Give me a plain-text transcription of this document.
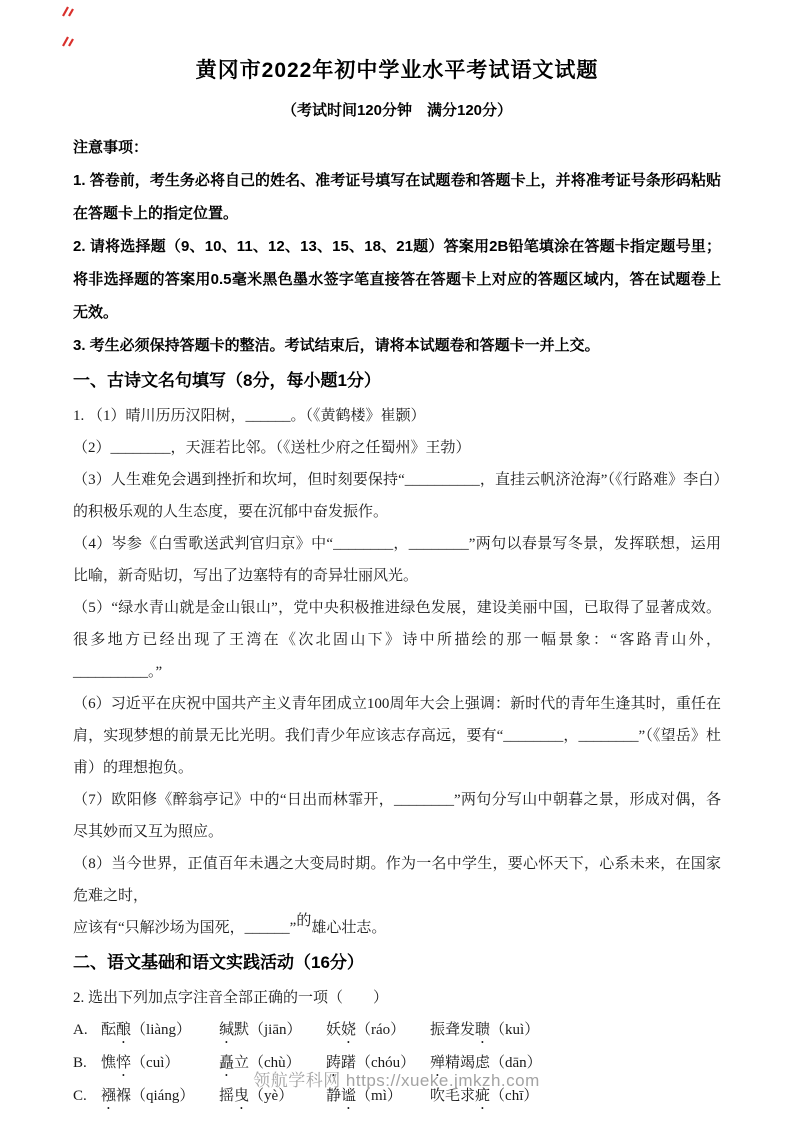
黄冈市2022年初中学业水平考试语文试题

（考试时间120分钟　满分120分）

注意事项：

1. 答卷前，考生务必将自己的姓名、准考证号填写在试题卷和答题卡上，并将准考证号条形码粘贴在答题卡上的指定位置。

2. 请将选择题（9、10、11、12、13、15、18、21题）答案用2B铅笔填涂在答题卡指定题号里；将非选择题的答案用0.5毫米黑色墨水签字笔直接答在答题卡上对应的答题区域内，答在试题卷上无效。

3. 考生必须保持答题卡的整洁。考试结束后，请将本试题卷和答题卡一并上交。

一、古诗文名句填写（8分，每小题1分）

1. （1）晴川历历汉阳树，______。（《黄鹤楼》崔颢）

（2）________，天涯若比邻。（《送杜少府之任蜀州》王勃）

（3）人生难免会遇到挫折和坎坷，但时刻要保持“__________，直挂云帆济沧海”（《行路难》李白）的积极乐观的人生态度，要在沉郁中奋发振作。

（4）岑参《白雪歌送武判官归京》中“________，________”两句以春景写冬景，发挥联想，运用比喻，新奇贴切，写出了边塞特有的奇异壮丽风光。

（5）“绿水青山就是金山银山”，党中央积极推进绿色发展，建设美丽中国，已取得了显著成效。很多地方已经出现了王湾在《次北固山下》诗中所描绘的那一幅景象：“客路青山外，__________。”

（6）习近平在庆祝中国共产主义青年团成立100周年大会上强调：新时代的青年生逢其时，重任在肩，实现梦想的前景无比光明。我们青少年应该志存高远，要有“________，________”（《望岳》杜甫）的理想抱负。

（7）欧阳修《醉翁亭记》中的“日出而林霏开，________”两句分写山中朝暮之景，形成对偶，各尽其妙而又互为照应。

（8）当今世界，正值百年未遇之大变局时期。作为一名中学生，要心怀天下，心系未来，在国家危难之时，

应该有“只解沙场为国死，______”的雄心壮志。

二、语文基础和语文实践活动（16分）

2. 选出下列加点字注音全部正确的一项（　　）

A. 酝酿（liàng）	缄默（jiān）	妖娆（ráo）	振聋发聩（kuì）
B. 憔悴（cuì）	矗立（chù）	踌躇（chóu） 殚精竭虑（dān）
C. 襁褓（qiáng）	摇曳（yè）	静谧（mì）	吹毛求疵（chī）
领航学科网 https://xueke.jmkzh.com
